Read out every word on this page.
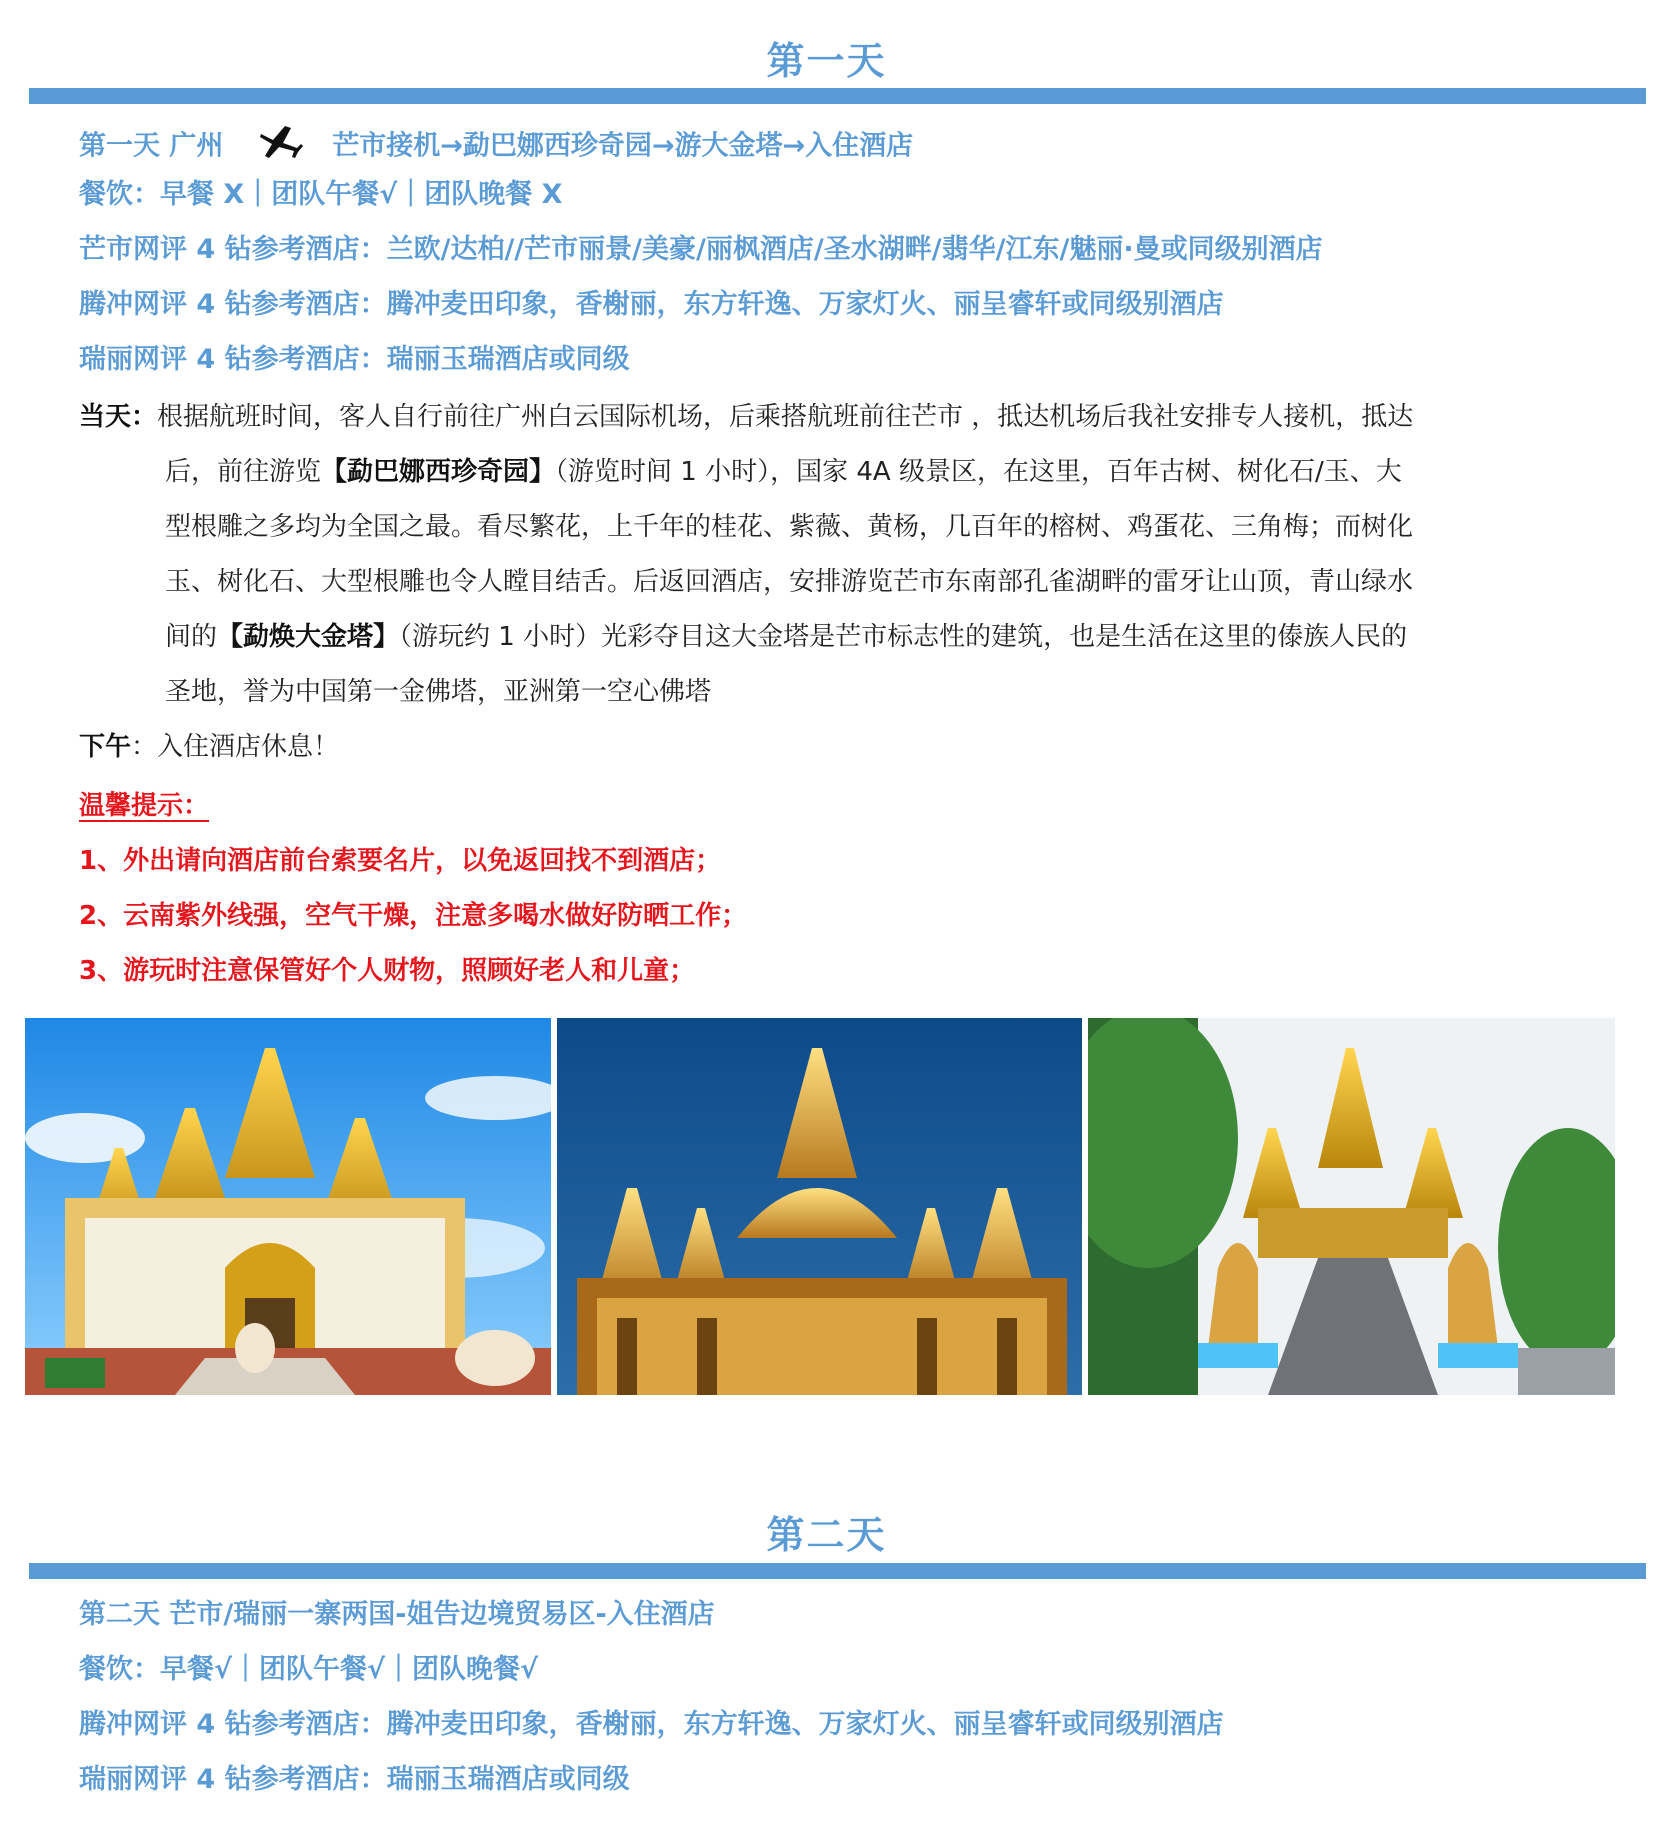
第一天
第一天 广州	芒市接机→勐巴娜西珍奇园→游大金塔→入住酒店
餐饮：早餐 X｜团队午餐√｜团队晚餐 X
芒市网评 4 钻参考酒店：兰欧/达柏//芒市丽景/美豪/丽枫酒店/圣水湖畔/翡华/江东/魅丽·曼或同级别酒店
腾冲网评 4 钻参考酒店：腾冲麦田印象，香榭丽，东方轩逸、万家灯火、丽呈睿轩或同级别酒店
瑞丽网评 4 钻参考酒店：瑞丽玉瑞酒店或同级
当天：根据航班时间，客人自行前往广州白云国际机场，后乘搭航班前往芒市 ，抵达机场后我社安排专人接机，抵达
后，前往游览【勐巴娜西珍奇园】（游览时间 1 小时），国家 4A 级景区，在这里，百年古树、树化石/玉、大
型根雕之多均为全国之最。看尽繁花，上千年的桂花、紫薇、黄杨，几百年的榕树、鸡蛋花、三角梅；而树化
玉、树化石、大型根雕也令人瞠目结舌。后返回酒店，安排游览芒市东南部孔雀湖畔的雷牙让山顶，青山绿水
间的【勐焕大金塔】（游玩约 1 小时）光彩夺目这大金塔是芒市标志性的建筑，也是生活在这里的傣族人民的
圣地，誉为中国第一金佛塔，亚洲第一空心佛塔
下午：入住酒店休息！
温馨提示：
1、外出请向酒店前台索要名片，以免返回找不到酒店；
2、云南紫外线强，空气干燥，注意多喝水做好防晒工作；
3、游玩时注意保管好个人财物，照顾好老人和儿童；
第二天
第二天 芒市/瑞丽一寨两国-姐告边境贸易区-入住酒店
餐饮：早餐√｜团队午餐√｜团队晚餐√
腾冲网评 4 钻参考酒店：腾冲麦田印象，香榭丽，东方轩逸、万家灯火、丽呈睿轩或同级别酒店
瑞丽网评 4 钻参考酒店：瑞丽玉瑞酒店或同级
